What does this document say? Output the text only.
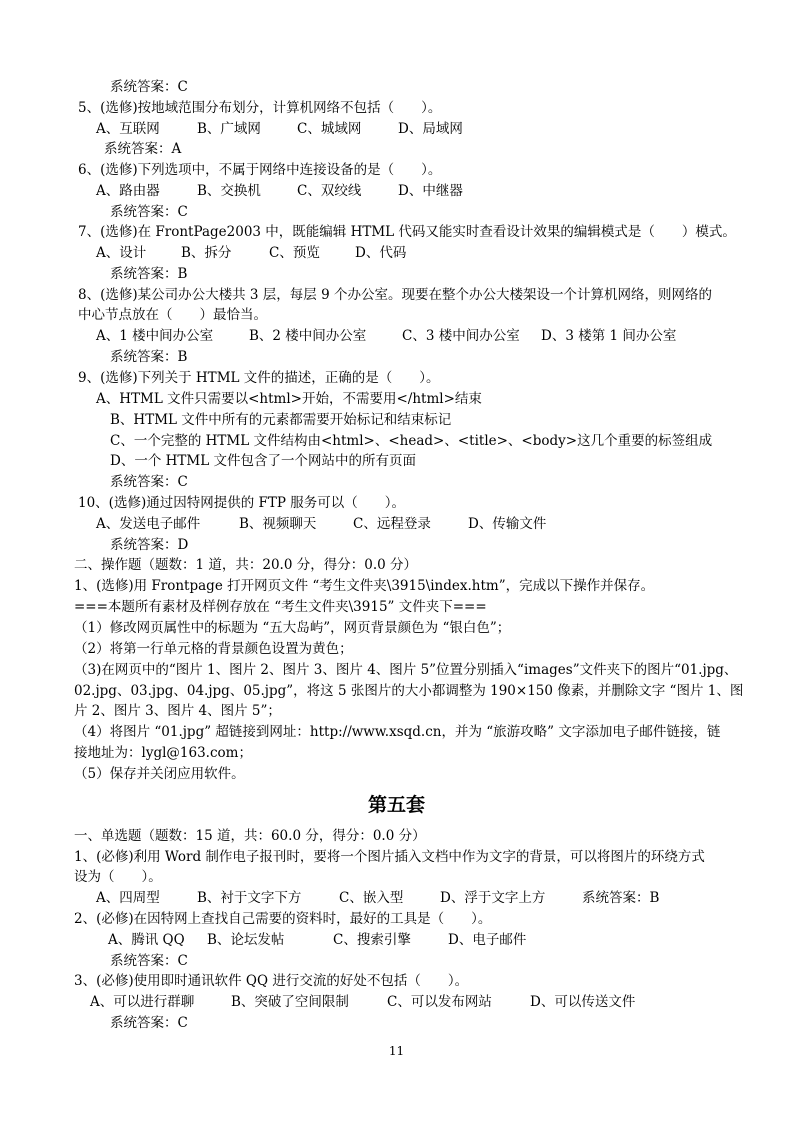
系统答案：C
5、(选修)按地域范围分布划分，计算机网络不包括（　　）。
A、互联网	B、广域网	C、城域网	D、局域网
系统答案：A
6、(选修)下列选项中，不属于网络中连接设备的是（　　）。
A、路由器	B、交换机	C、双绞线	D、中继器
系统答案：C
7、(选修)在 FrontPage2003 中，既能编辑 HTML 代码又能实时查看设计效果的编辑模式是（　　）模式。
A、设计	B、拆分	C、预览	D、代码
系统答案：B
8、(选修)某公司办公大楼共 3 层，每层 9 个办公室。现要在整个办公大楼架设一个计算机网络，则网络的
中心节点放在（　　）最恰当。
A、1 楼中间办公室	B、2 楼中间办公室	C、3 楼中间办公室 D、3 楼第 1 间办公室
系统答案：B
9、(选修)下列关于 HTML 文件的描述，正确的是（　　）。
A、HTML 文件只需要以<html>开始，不需要用</html>结束
B、HTML 文件中所有的元素都需要开始标记和结束标记
C、一个完整的 HTML 文件结构由<html>、<head>、<title>、<body>这几个重要的标签组成
D、一个 HTML 文件包含了一个网站中的所有页面
系统答案：C
10、(选修)通过因特网提供的 FTP 服务可以（　　）。
A、发送电子邮件	B、视频聊天	C、远程登录	D、传输文件
系统答案：D
二、操作题（题数：1 道，共：20.0 分，得分：0.0 分）
1、(选修)用 Frontpage 打开网页文件 “考生文件夹\3915\index.htm”，完成以下操作并保存。
===本题所有素材及样例存放在 “考生文件夹\3915” 文件夹下===
（1）修改网页属性中的标题为 “五大岛屿”，网页背景颜色为 “银白色”；
（2）将第一行单元格的背景颜色设置为黄色；
（3)在网页中的“图片 1、图片 2、图片 3、图片 4、图片 5”位置分别插入“images”文件夹下的图片“01.jpg、
02.jpg、03.jpg、04.jpg、05.jpg”，将这 5 张图片的大小都调整为 190×150 像素，并删除文字 “图片 1、图
片 2、图片 3、图片 4、图片 5”；
（4）将图片 “01.jpg” 超链接到网址：http://www.xsqd.cn，并为 “旅游攻略” 文字添加电子邮件链接，链
接地址为：lygl@163.com；
（5）保存并关闭应用软件。
第五套
一、单选题（题数：15 道，共：60.0 分，得分：0.0 分）
1、(必修)利用 Word 制作电子报刊时，要将一个图片插入文档中作为文字的背景，可以将图片的环绕方式
设为（　　）。
A、四周型	B、衬于文字下方	C、嵌入型	D、浮于文字上方	系统答案：B
2、(必修)在因特网上查找自己需要的资料时，最好的工具是（　　）。
A、腾讯 QQ B、论坛发帖	C、搜索引擎	D、电子邮件
系统答案：C
3、(必修)使用即时通讯软件 QQ 进行交流的好处不包括（　　）。
A、可以进行群聊	B、突破了空间限制	C、可以发布网站	D、可以传送文件
系统答案：C
11
